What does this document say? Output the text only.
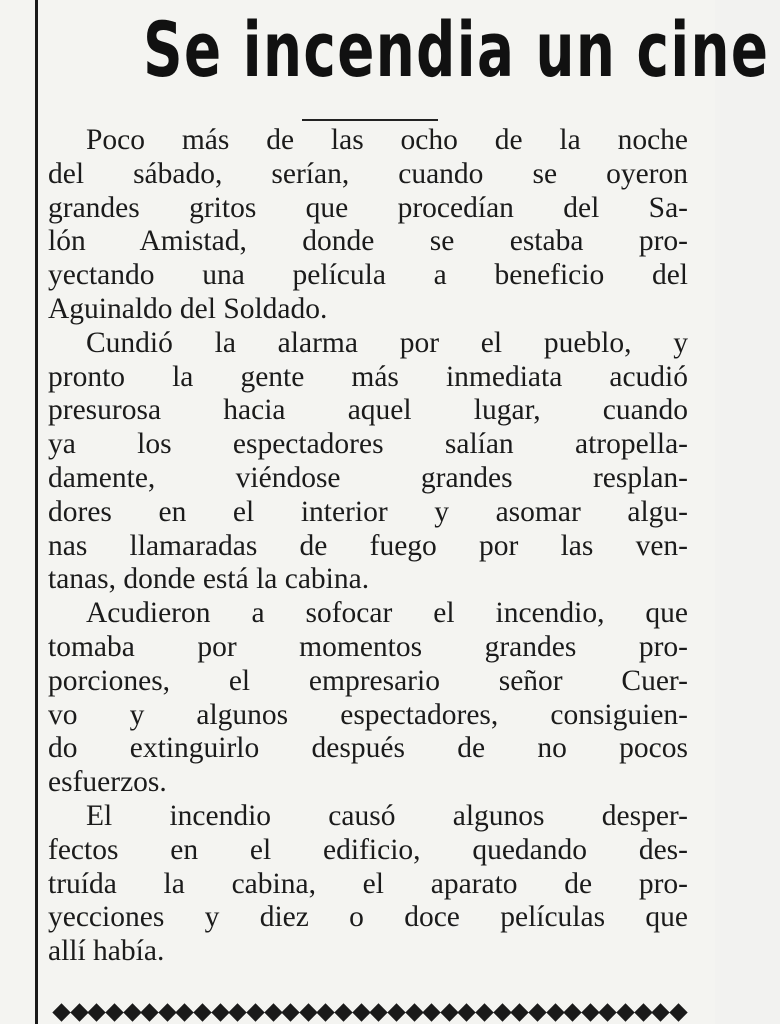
Se incendia un cine
Poco más de las ocho de la noche
del sábado, serían, cuando se oyeron
grandes gritos que procedían del Sa-
lón Amistad, donde se estaba pro-
yectando una película a beneficio del
Aguinaldo del Soldado.
Cundió la alarma por el pueblo, y
pronto la gente más inmediata acudió
presurosa hacia aquel lugar, cuando
ya los espectadores salían atropella-
damente, viéndose grandes resplan-
dores en el interior y asomar algu-
nas llamaradas de fuego por las ven-
tanas, donde está la cabina.
Acudieron a sofocar el incendio, que
tomaba por momentos grandes pro-
porciones, el empresario señor Cuer-
vo y algunos espectadores, consiguien-
do extinguirlo después de no pocos
esfuerzos.
El incendio causó algunos desper-
fectos en el edificio, quedando des-
truída la cabina, el aparato de pro-
yecciones y diez o doce películas que
allí había.
